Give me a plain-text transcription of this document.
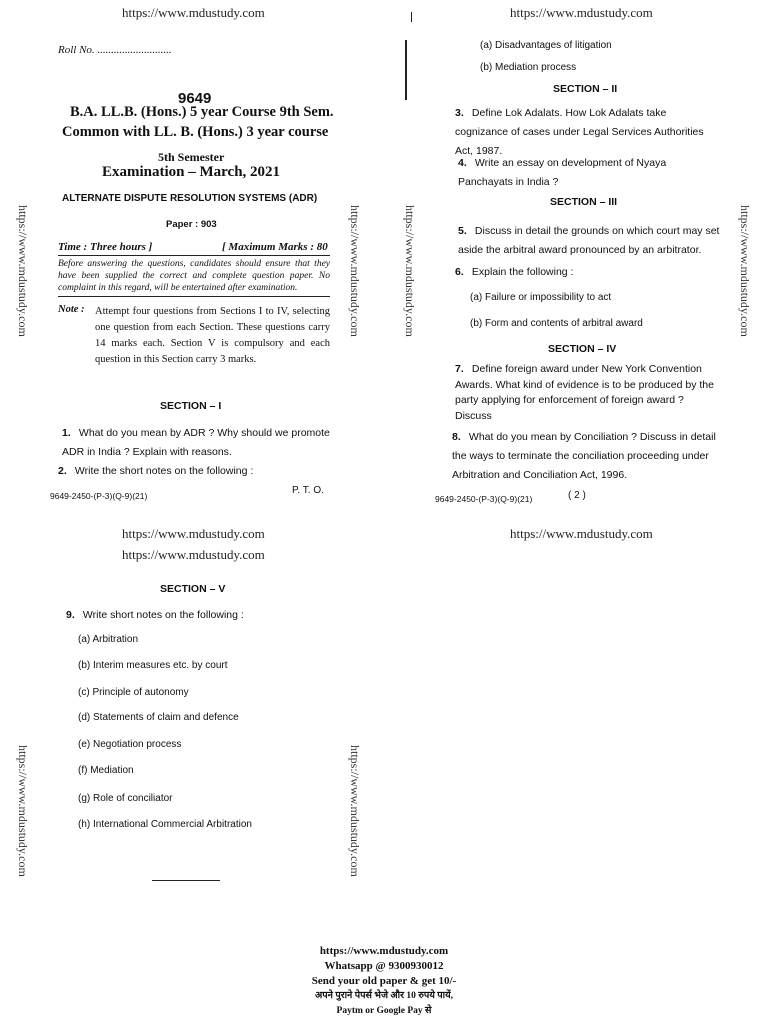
https://www.mdustudy.com	https://www.mdustudy.com
https://www.mdustudy.com	https://www.mdustudy.com	https://www.mdustudy.com	https://www.mdustudy.com
https://www.mdustudy.com	https://www.mdustudy.com
Roll No. ...........................
9649
B.A. LL.B. (Hons.) 5 year Course 9th Sem.
Common with LL. B. (Hons.) 3 year course
5th Semester
Examination – March, 2021
ALTERNATE DISPUTE RESOLUTION SYSTEMS (ADR)
Paper : 903
Time : Three hours ]	[ Maximum Marks : 80
Before answering the questions, candidates should ensure that they have been supplied the correct and complete question paper. No complaint in this regard, will be entertained after examination.
Note : Attempt four questions from Sections I to IV, selecting one question from each Section. These questions carry 14 marks each. Section V is compulsory and each question in this Section carry 3 marks.
SECTION – I
1. What do you mean by ADR ? Why should we promote ADR in India ? Explain with reasons.
2. Write the short notes on the following :
9649-2450-(P-3)(Q-9)(21)	P. T. O.
(a) Disadvantages of litigation
(b) Mediation process
SECTION – II
3. Define Lok Adalats. How Lok Adalats take cognizance of cases under Legal Services Authorities Act, 1987.
4. Write an essay on development of Nyaya Panchayats in India ?
SECTION – III
5. Discuss in detail the grounds on which court may set aside the arbitral award pronounced by an arbitrator.
6. Explain the following :
(a) Failure or impossibility to act
(b) Form and contents of arbitral award
SECTION – IV
7. Define foreign award under New York Convention Awards. What kind of evidence is to be produced by the party applying for enforcement of foreign award ? Discuss
8. What do you mean by Conciliation ? Discuss in detail the ways to terminate the conciliation proceeding under Arbitration and Conciliation Act, 1996.
9649-2450-(P-3)(Q-9)(21)	( 2 )
https://www.mdustudy.com	https://www.mdustudy.com
https://www.mdustudy.com
SECTION – V
9. Write short notes on the following :
(a) Arbitration
(b) Interim measures etc. by court
(c) Principle of autonomy
(d) Statements of claim and defence
(e) Negotiation process
(f) Mediation
(g) Role of conciliator
(h) International Commercial Arbitration
https://www.mdustudy.com
Whatsapp @ 9300930012
Send your old paper & get 10/-
अपने पुराने पेपर्स भेजे और 10 रुपये पायें,
Paytm or Google Pay से
